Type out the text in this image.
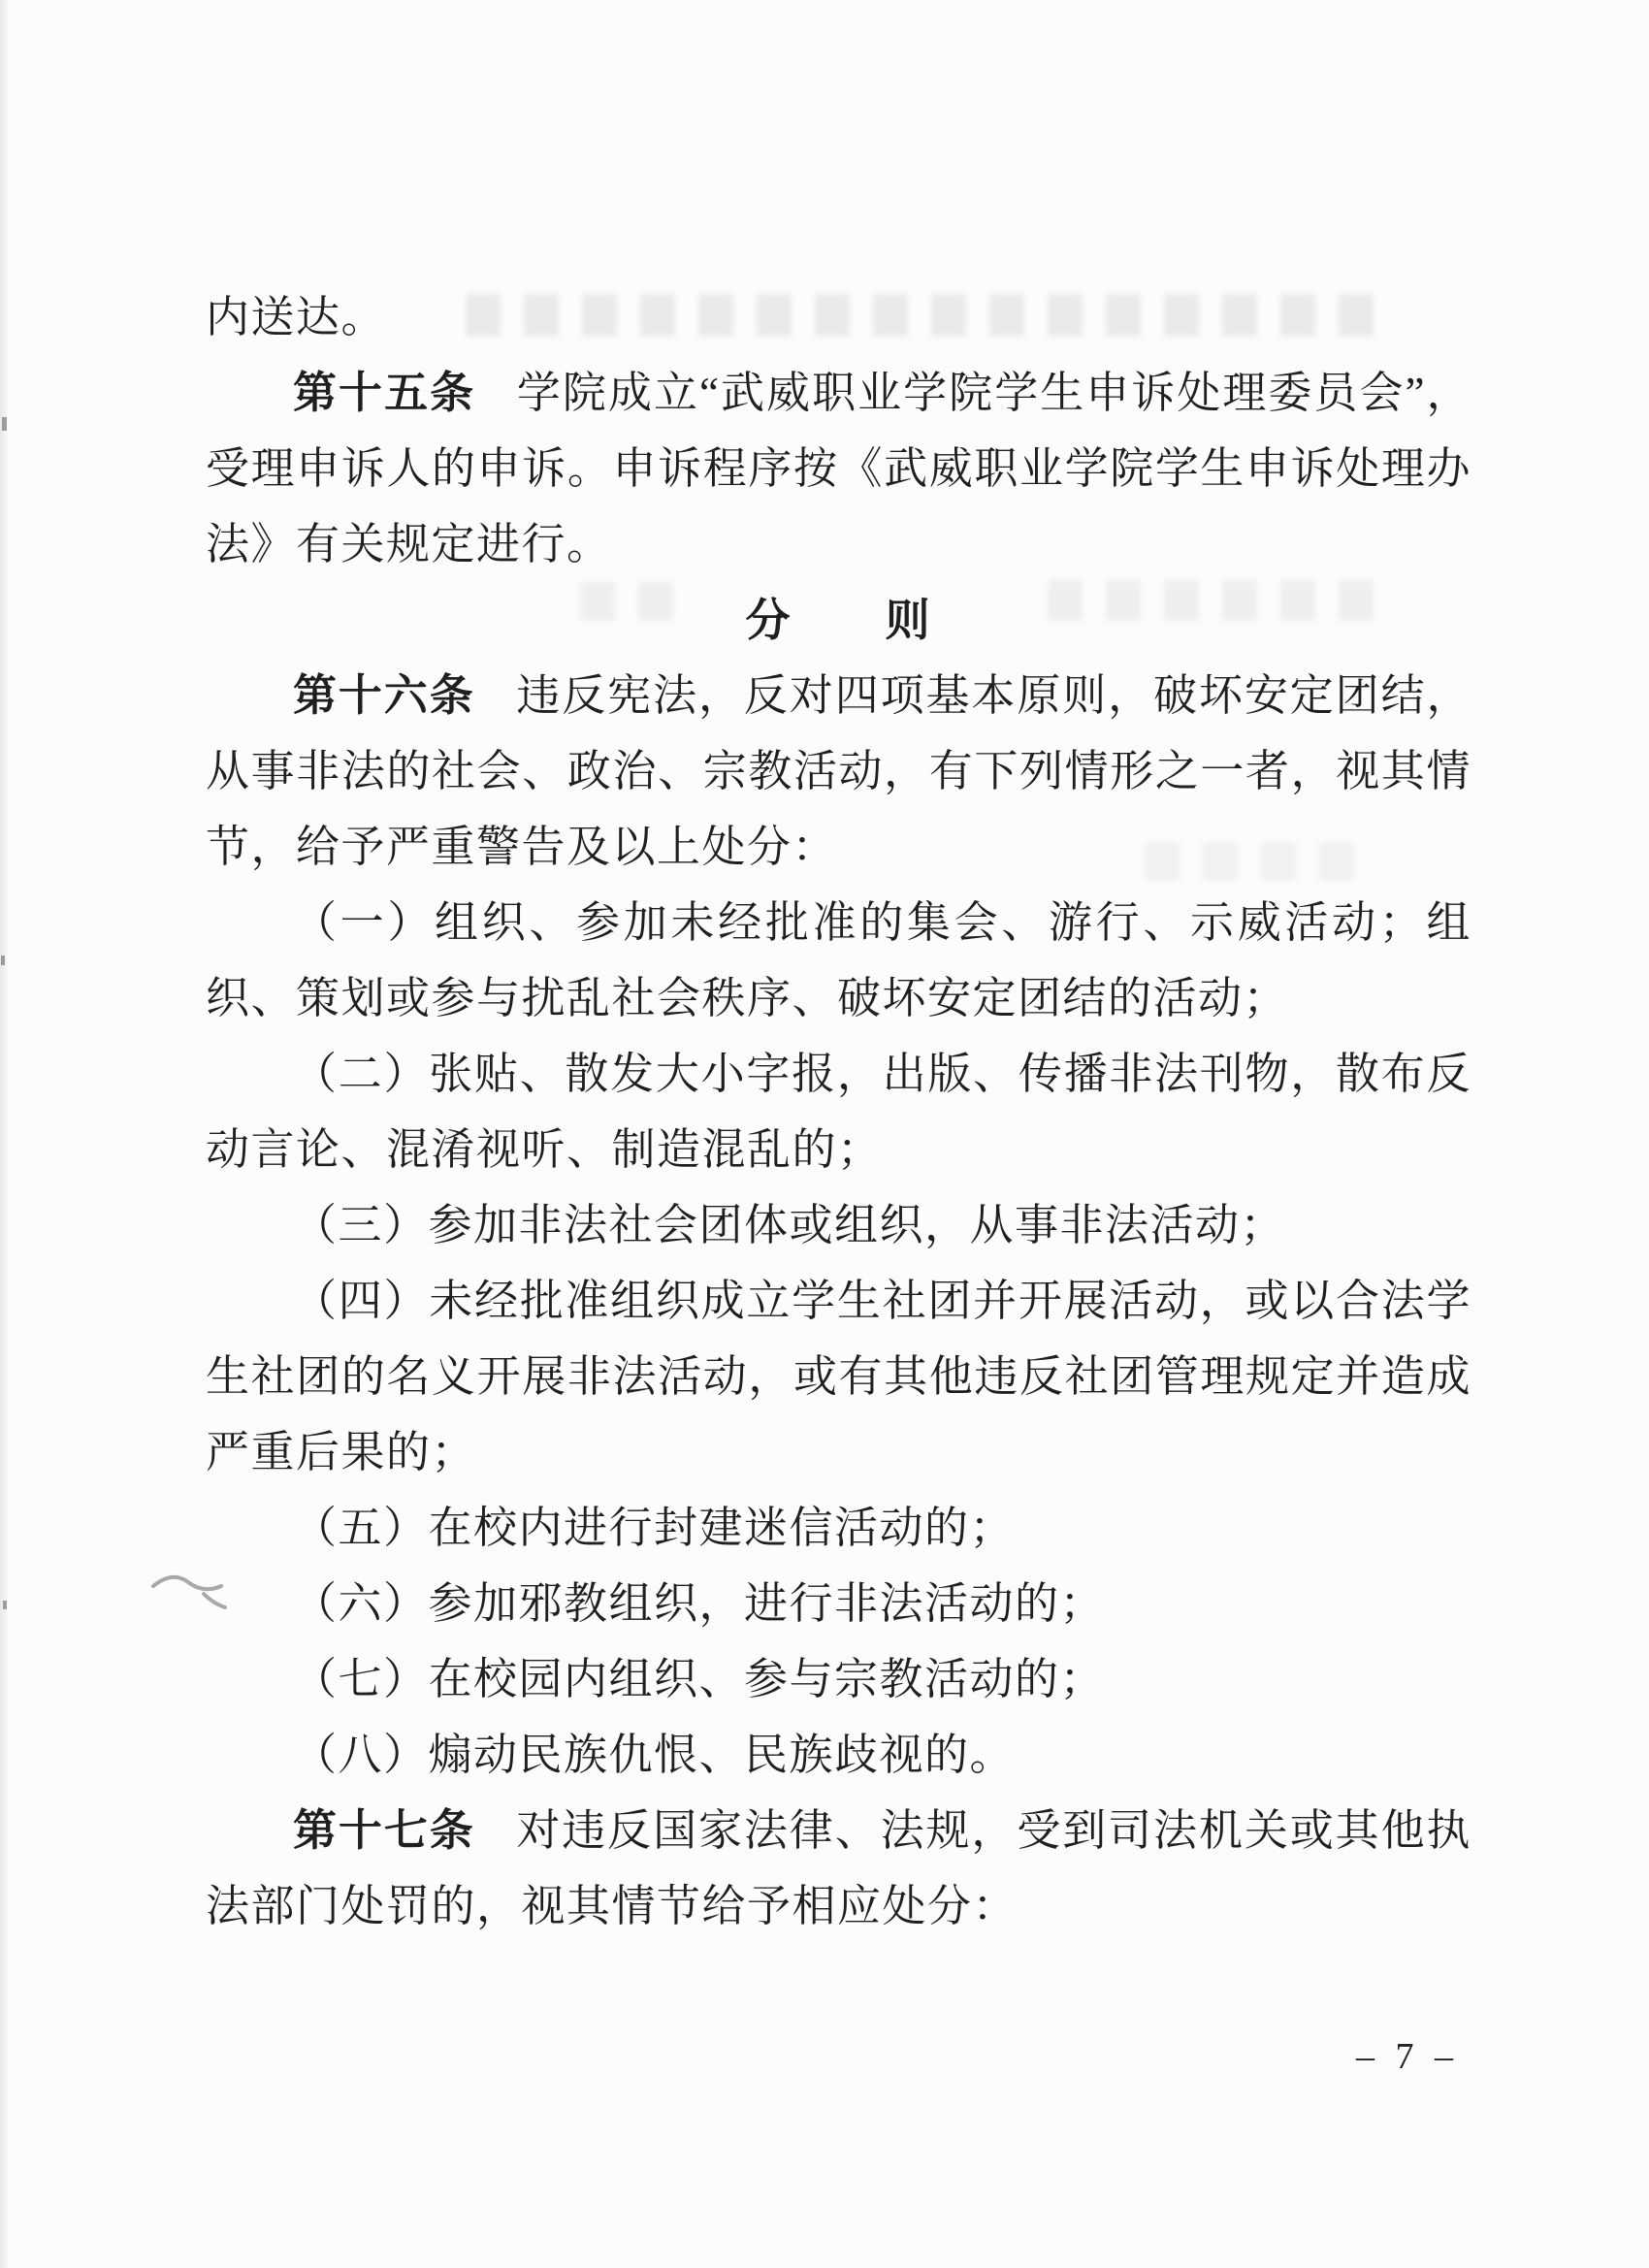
内送达。

第十五条 学院成立“武威职业学院学生申诉处理委员会”，受理申诉人的申诉。申诉程序按《武威职业学院学生申诉处理办法》有关规定进行。

分　　则

第十六条 违反宪法，反对四项基本原则，破坏安定团结，从事非法的社会、政治、宗教活动，有下列情形之一者，视其情节，给予严重警告及以上处分：

（一）组织、参加未经批准的集会、游行、示威活动；组织、策划或参与扰乱社会秩序、破坏安定团结的活动；

（二）张贴、散发大小字报，出版、传播非法刊物，散布反动言论、混淆视听、制造混乱的；

（三）参加非法社会团体或组织，从事非法活动；

（四）未经批准组织成立学生社团并开展活动，或以合法学生社团的名义开展非法活动，或有其他违反社团管理规定并造成严重后果的；

（五）在校内进行封建迷信活动的；

（六）参加邪教组织，进行非法活动的；

（七）在校园内组织、参与宗教活动的；

（八）煽动民族仇恨、民族歧视的。

第十七条 对违反国家法律、法规，受到司法机关或其他执法部门处罚的，视其情节给予相应处分：

– 7 –
